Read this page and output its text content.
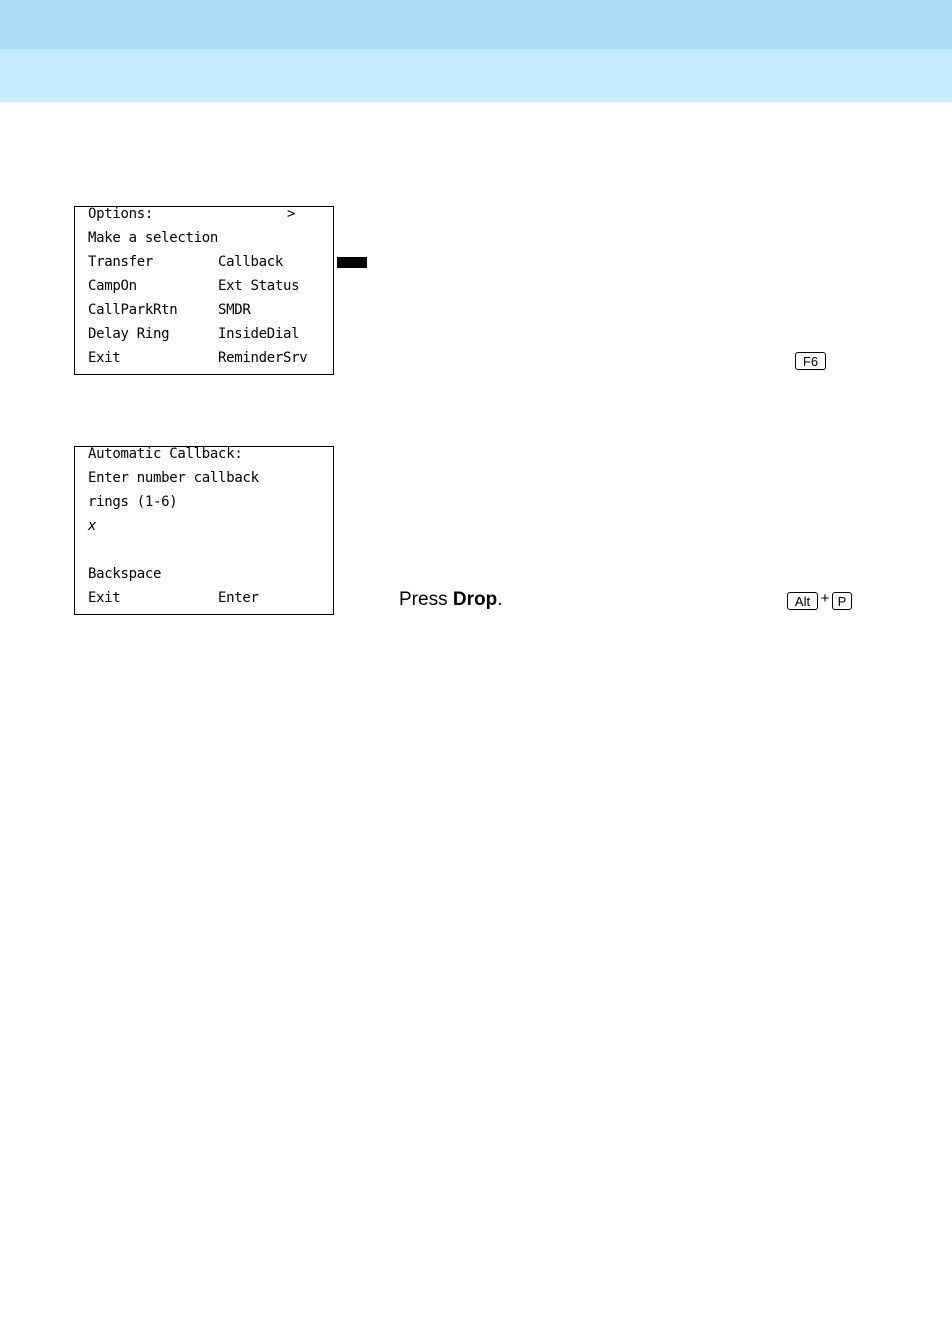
Options:	>
Make a selection
Transfer	Callback
CampOn	Ext Status
CallParkRtn	SMDR
Delay Ring	InsideDial
Exit	ReminderSrv	F6
Automatic Callback:
Enter number callback
rings (1-6)
x
Backspace
Exit	Enter	Press Drop.	Alt + P
